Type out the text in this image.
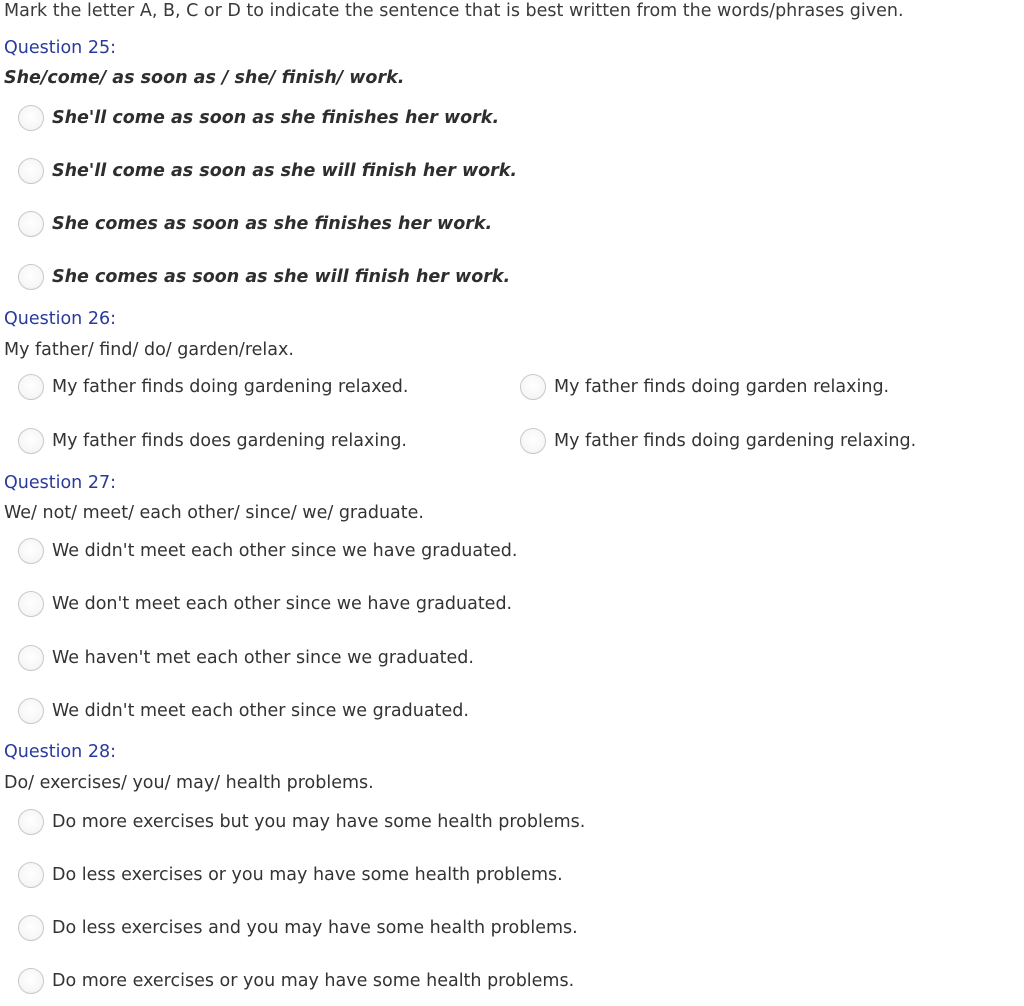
Mark the letter A, B, C or D to indicate the sentence that is best written from the words/phrases given.
Question 25:
She/come/ as soon as / she/ finish/ work.
She'll come as soon as she finishes her work.
She'll come as soon as she will finish her work.
She comes as soon as she finishes her work.
She comes as soon as she will finish her work.
Question 26:
My father/ find/ do/ garden/relax.
My father finds doing gardening relaxed.	My father finds doing garden relaxing.
My father finds does gardening relaxing.	My father finds doing gardening relaxing.
Question 27:
We/ not/ meet/ each other/ since/ we/ graduate.
We didn't meet each other since we have graduated.
We don't meet each other since we have graduated.
We haven't met each other since we graduated.
We didn't meet each other since we graduated.
Question 28:
Do/ exercises/ you/ may/ health problems.
Do more exercises but you may have some health problems.
Do less exercises or you may have some health problems.
Do less exercises and you may have some health problems.
Do more exercises or you may have some health problems.
